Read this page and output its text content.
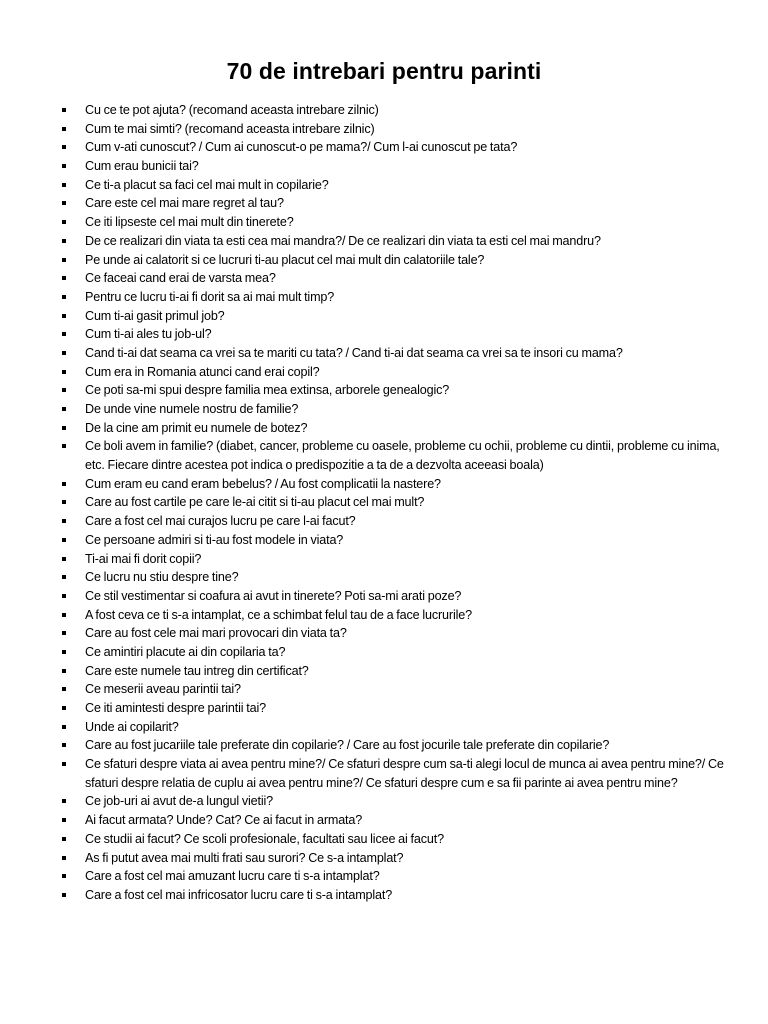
70 de intrebari pentru parinti
Cu ce te pot ajuta? (recomand aceasta intrebare zilnic)
Cum te mai simti? (recomand aceasta intrebare zilnic)
Cum v-ati cunoscut? / Cum ai cunoscut-o pe mama?/ Cum l-ai cunoscut pe tata?
Cum erau bunicii tai?
Ce ti-a placut sa faci cel mai mult in copilarie?
Care este cel mai mare regret al tau?
Ce iti lipseste cel mai mult din tinerete?
De ce realizari din viata ta esti cea mai mandra?/ De ce realizari din viata ta esti cel mai mandru?
Pe unde ai calatorit si ce lucruri ti-au placut cel mai mult din calatoriile tale?
Ce faceai cand erai de varsta mea?
Pentru ce lucru ti-ai fi dorit sa ai mai mult timp?
Cum ti-ai gasit primul job?
Cum ti-ai ales tu job-ul?
Cand ti-ai dat seama ca vrei sa te mariti cu tata? / Cand ti-ai dat seama ca vrei sa te insori cu mama?
Cum era in Romania atunci cand erai copil?
Ce poti sa-mi spui despre familia mea extinsa, arborele genealogic?
De unde vine numele nostru de familie?
De la cine am primit eu numele de botez?
Ce boli avem in familie? (diabet, cancer, probleme cu oasele, probleme cu ochii, probleme cu dintii, probleme cu inima, etc. Fiecare dintre acestea pot indica o predispozitie a ta de a dezvolta aceeasi boala)
Cum eram eu cand eram bebelus? / Au fost complicatii la nastere?
Care au fost cartile pe care le-ai citit si ti-au placut cel mai mult?
Care a fost cel mai curajos lucru pe care l-ai facut?
Ce persoane admiri si ti-au fost modele in viata?
Ti-ai mai fi dorit copii?
Ce lucru nu stiu despre tine?
Ce stil vestimentar si coafura ai avut in tinerete? Poti sa-mi arati poze?
A fost ceva ce ti s-a intamplat, ce a schimbat felul tau de a face lucrurile?
Care au fost cele mai mari provocari din viata ta?
Ce amintiri placute ai din copilaria ta?
Care este numele tau intreg din certificat?
Ce meserii aveau parintii tai?
Ce iti amintesti despre parintii tai?
Unde ai copilarit?
Care au fost jucariile tale preferate din copilarie? / Care au fost jocurile tale preferate din copilarie?
Ce sfaturi despre viata ai avea pentru mine?/ Ce sfaturi despre cum sa-ti alegi locul de munca ai avea pentru mine?/ Ce sfaturi despre relatia de cuplu ai avea pentru mine?/ Ce sfaturi despre cum e sa fii parinte ai avea pentru mine?
Ce job-uri ai avut de-a lungul vietii?
Ai facut armata? Unde? Cat? Ce ai facut in armata?
Ce studii ai facut? Ce scoli profesionale, facultati sau licee ai facut?
As fi putut avea mai multi frati sau surori? Ce s-a intamplat?
Care a fost cel mai amuzant lucru care ti s-a intamplat?
Care a fost cel mai infricosator lucru care ti s-a intamplat?
